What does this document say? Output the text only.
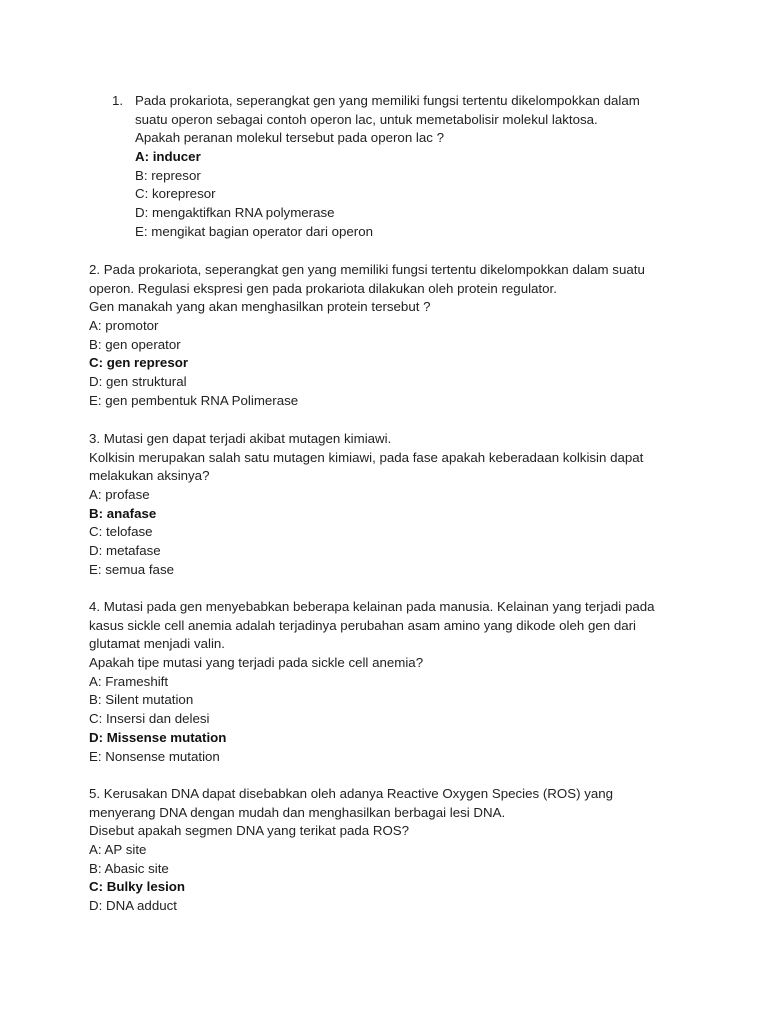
1. Pada prokariota, seperangkat gen yang memiliki fungsi tertentu dikelompokkan dalam
suatu operon sebagai contoh operon lac, untuk memetabolisir molekul laktosa.
Apakah peranan molekul tersebut pada operon lac ?
A: inducer
B: represor
C: korepresor
D: mengaktifkan RNA polymerase
E: mengikat bagian operator dari operon
2. Pada prokariota, seperangkat gen yang memiliki fungsi tertentu dikelompokkan dalam suatu
operon. Regulasi ekspresi gen pada prokariota dilakukan oleh protein regulator.
Gen manakah yang akan menghasilkan protein tersebut ?
A: promotor
B: gen operator
C: gen represor
D: gen struktural
E: gen pembentuk RNA Polimerase
3. Mutasi gen dapat terjadi akibat mutagen kimiawi.
Kolkisin merupakan salah satu mutagen kimiawi, pada fase apakah keberadaan kolkisin dapat
melakukan aksinya?
A: profase
B: anafase
C: telofase
D: metafase
E: semua fase
4. Mutasi pada gen menyebabkan beberapa kelainan pada manusia. Kelainan yang terjadi pada
kasus sickle cell anemia adalah terjadinya perubahan asam amino yang dikode oleh gen dari
glutamat menjadi valin.
Apakah tipe mutasi yang terjadi pada sickle cell anemia?
A: Frameshift
B: Silent mutation
C: Insersi dan delesi
D: Missense mutation
E: Nonsense mutation
5. Kerusakan DNA dapat disebabkan oleh adanya Reactive Oxygen Species (ROS) yang
menyerang DNA dengan mudah dan menghasilkan berbagai lesi DNA.
Disebut apakah segmen DNA yang terikat pada ROS?
A: AP site
B: Abasic site
C: Bulky lesion
D: DNA adduct
